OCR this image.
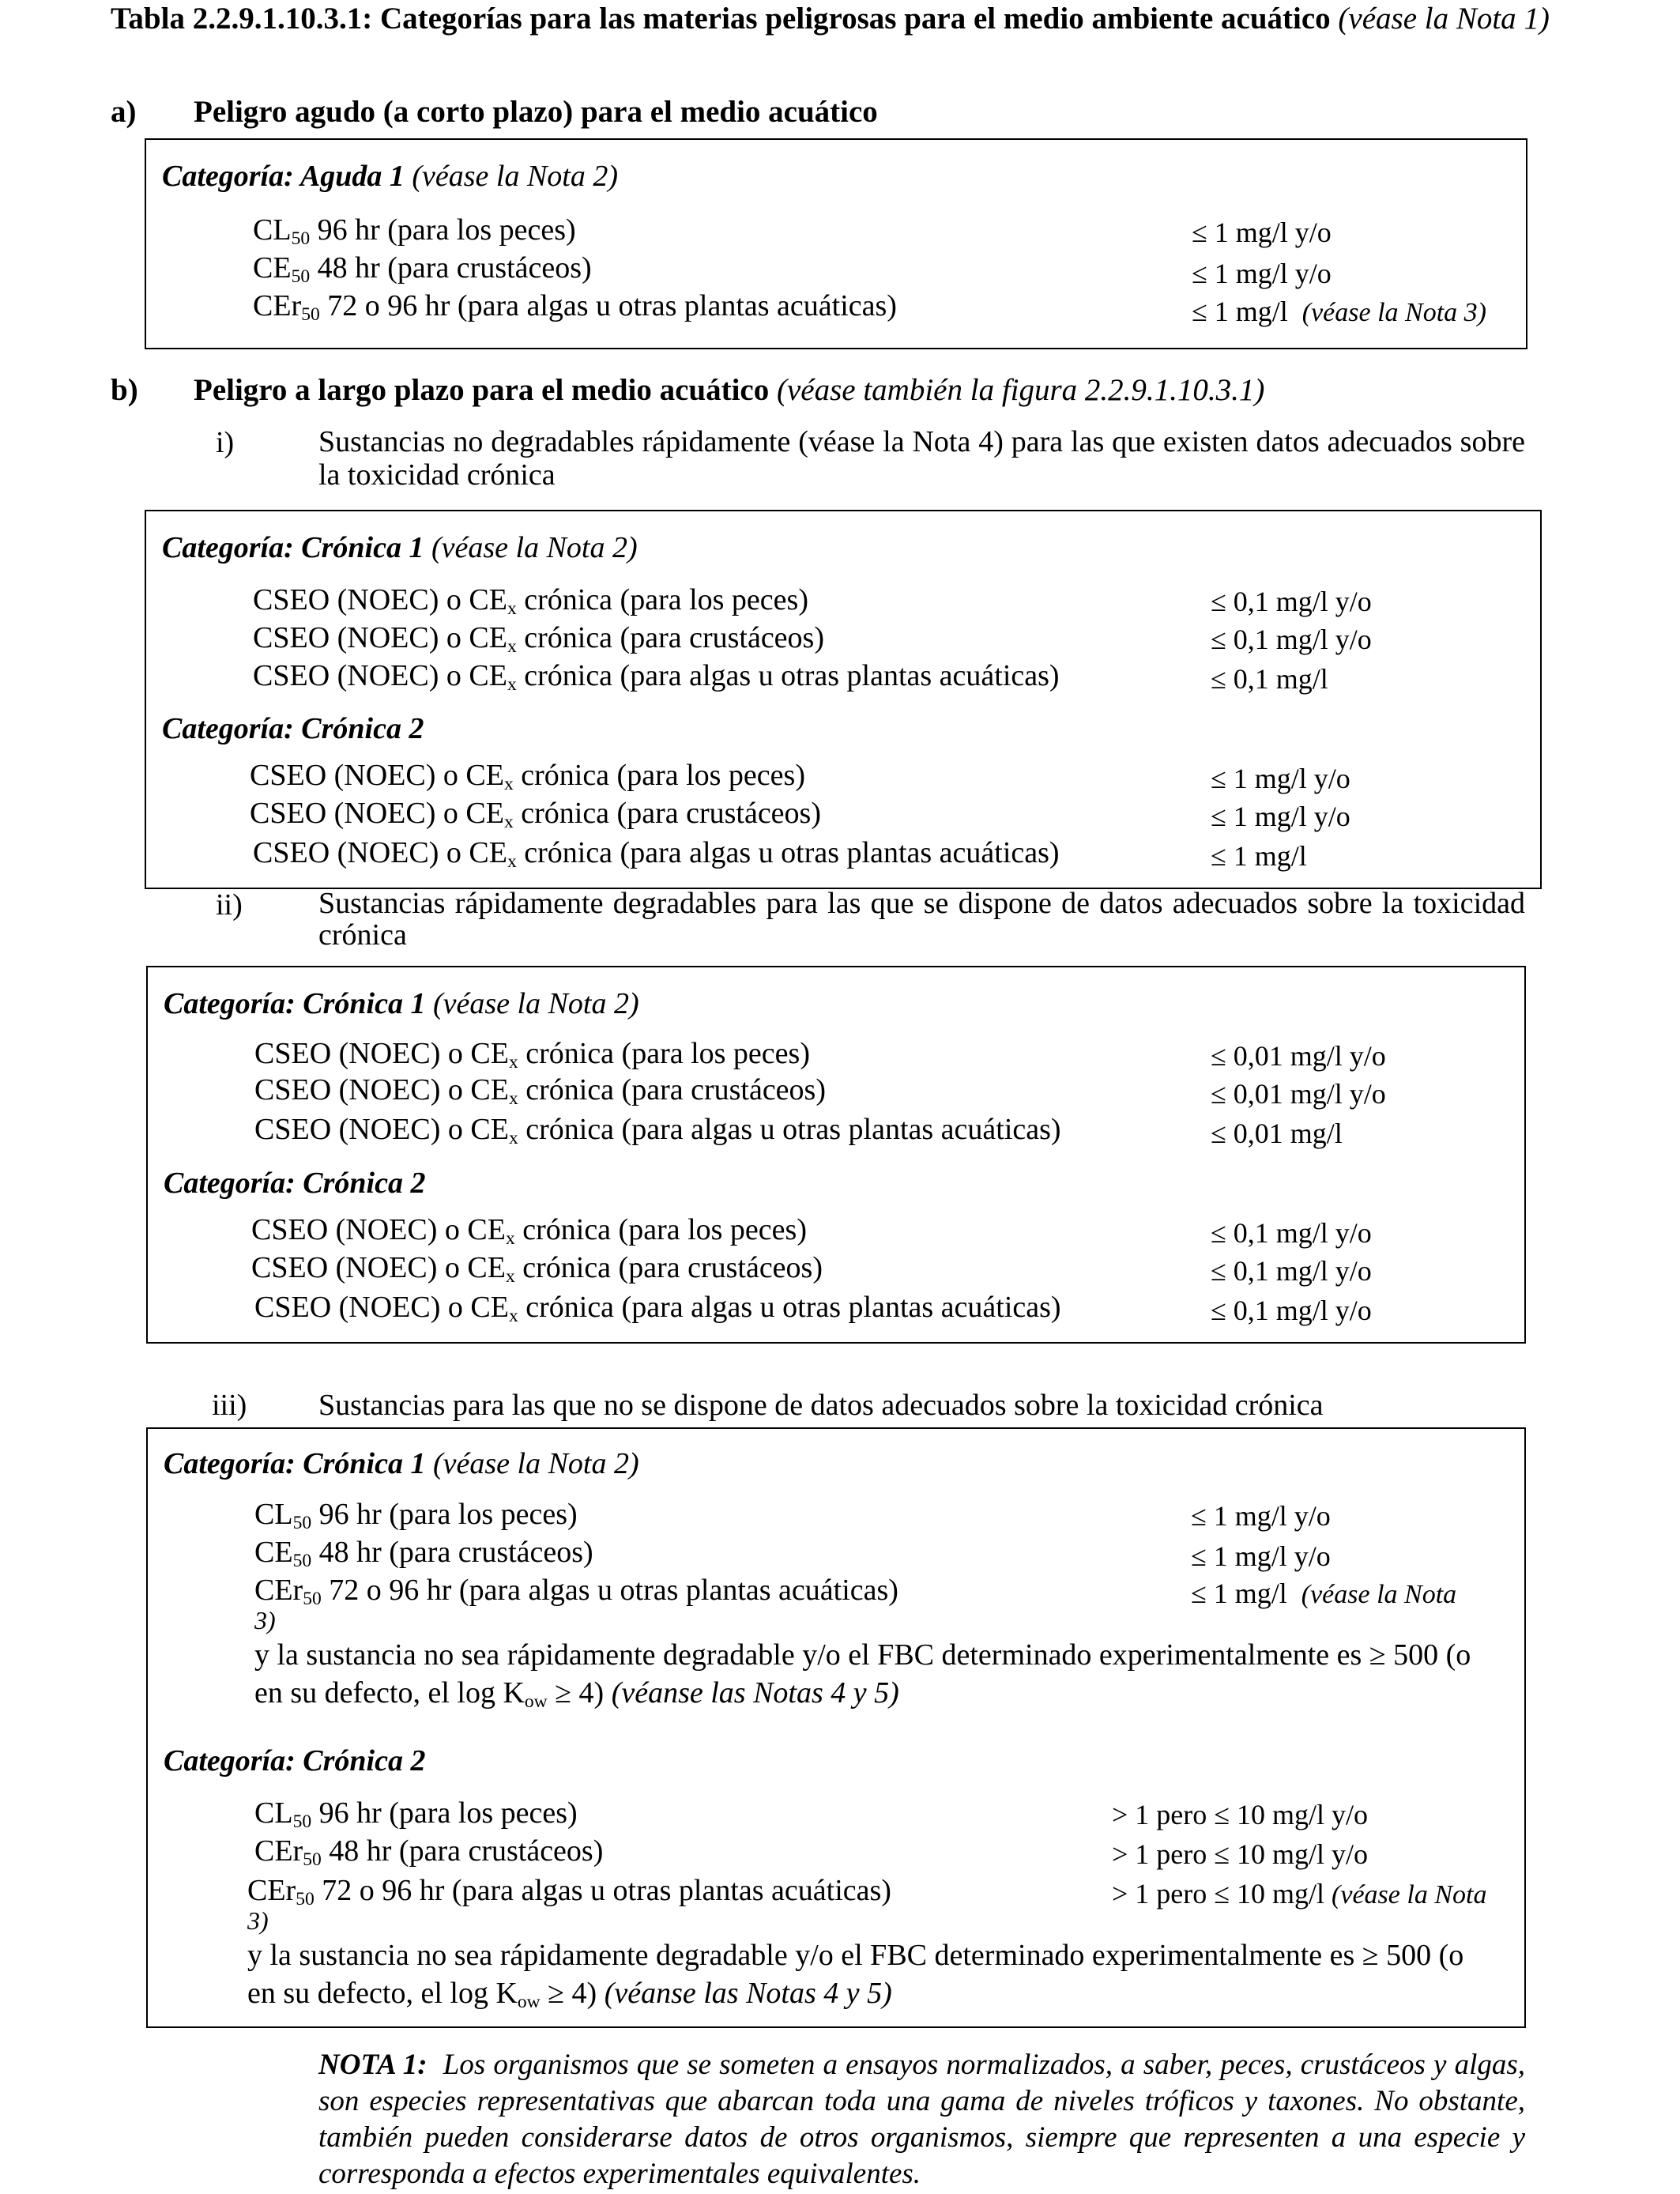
Tabla 2.2.9.1.10.3.1: Categorías para las materias peligrosas para el medio ambiente acuático (véase la Nota 1)
a) Peligro agudo (a corto plazo) para el medio acuático
Categoría: Aguda 1 (véase la Nota 2)
$CL_{50}$ 96 hr (para los peces)	≤ 1 mg/l y/o
$CE_{50}$ 48 hr (para crustáceos)	≤ 1 mg/l y/o
CEr$_{50}$ 72 o 96 hr (para algas u otras plantas acuáticas)	≤ 1 mg/l (véase la Nota 3)
b) Peligro a largo plazo para el medio acuático (véase también la figura 2.2.9.1.10.3.1)
i)	Sustancias no degradables rápidamente (véase la Nota 4) para las que existen datos adecuados sobre la toxicidad crónica
Categoría: Crónica 1 (véase la Nota 2)
CSEO (NOEC) o $CE_x$ crónica (para los peces)	≤ 0,1 mg/l y/o
CSEO (NOEC) o $CE_x$ crónica (para crustáceos)	≤ 0,1 mg/l y/o
CSEO (NOEC) o $CE_x$ crónica (para algas u otras plantas acuáticas)	≤ 0,1 mg/l
Categoría: Crónica 2
CSEO (NOEC) o $CE_x$ crónica (para los peces)	≤ 1 mg/l y/o
CSEO (NOEC) o $CE_x$ crónica (para crustáceos)	≤ 1 mg/l y/o
CSEO (NOEC) o $CE_x$ crónica (para algas u otras plantas acuáticas)	≤ 1 mg/l
ii)	Sustancias rápidamente degradables para las que se dispone de datos adecuados sobre la toxicidad crónica
Categoría: Crónica 1 (véase la Nota 2)
CSEO (NOEC) o $CE_x$ crónica (para los peces)	≤ 0,01 mg/l y/o
CSEO (NOEC) o $CE_x$ crónica (para crustáceos)	≤ 0,01 mg/l y/o
CSEO (NOEC) o $CE_x$ crónica (para algas u otras plantas acuáticas)	≤ 0,01 mg/l
Categoría: Crónica 2
CSEO (NOEC) o $CE_x$ crónica (para los peces)	≤ 0,1 mg/l y/o
CSEO (NOEC) o $CE_x$ crónica (para crustáceos)	≤ 0,1 mg/l y/o
CSEO (NOEC) o $CE_x$ crónica (para algas u otras plantas acuáticas)	≤ 0,1 mg/l y/o
iii) Sustancias para las que no se dispone de datos adecuados sobre la toxicidad crónica
Categoría: Crónica 1 (véase la Nota 2)
$CL_{50}$ 96 hr (para los peces)	≤ 1 mg/l y/o
$CE_{50}$ 48 hr (para crustáceos)	≤ 1 mg/l y/o
CEr$_{50}$ 72 o 96 hr (para algas u otras plantas acuáticas)	≤ 1 mg/l (véase la Nota
3)
y la sustancia no sea rápidamente degradable y/o el FBC determinado experimentalmente es ≥ 500 (o en su defecto, el $\log K_{ow} \ge 4$) (véanse las Notas 4 y 5)
Categoría: Crónica 2
$CL_{50}$ 96 hr (para los peces)	> 1 pero ≤ 10 mg/l y/o
CEr$_{50}$ 48 hr (para crustáceos)	> 1 pero ≤ 10 mg/l y/o
CEr$_{50}$ 72 o 96 hr (para algas u otras plantas acuáticas)	> 1 pero ≤ 10 mg/l (véase la Nota
3)
y la sustancia no sea rápidamente degradable y/o el FBC determinado experimentalmente es ≥ 500 (o en su defecto, el $\log K_{ow} \ge 4$) (véanse las Notas 4 y 5)
NOTA 1: Los organismos que se someten a ensayos normalizados, a saber, peces, crustáceos y algas, son especies representativas que abarcan toda una gama de niveles tróficos y taxones. No obstante, también pueden considerarse datos de otros organismos, siempre que representen a una especie y corresponda a efectos experimentales equivalentes.
